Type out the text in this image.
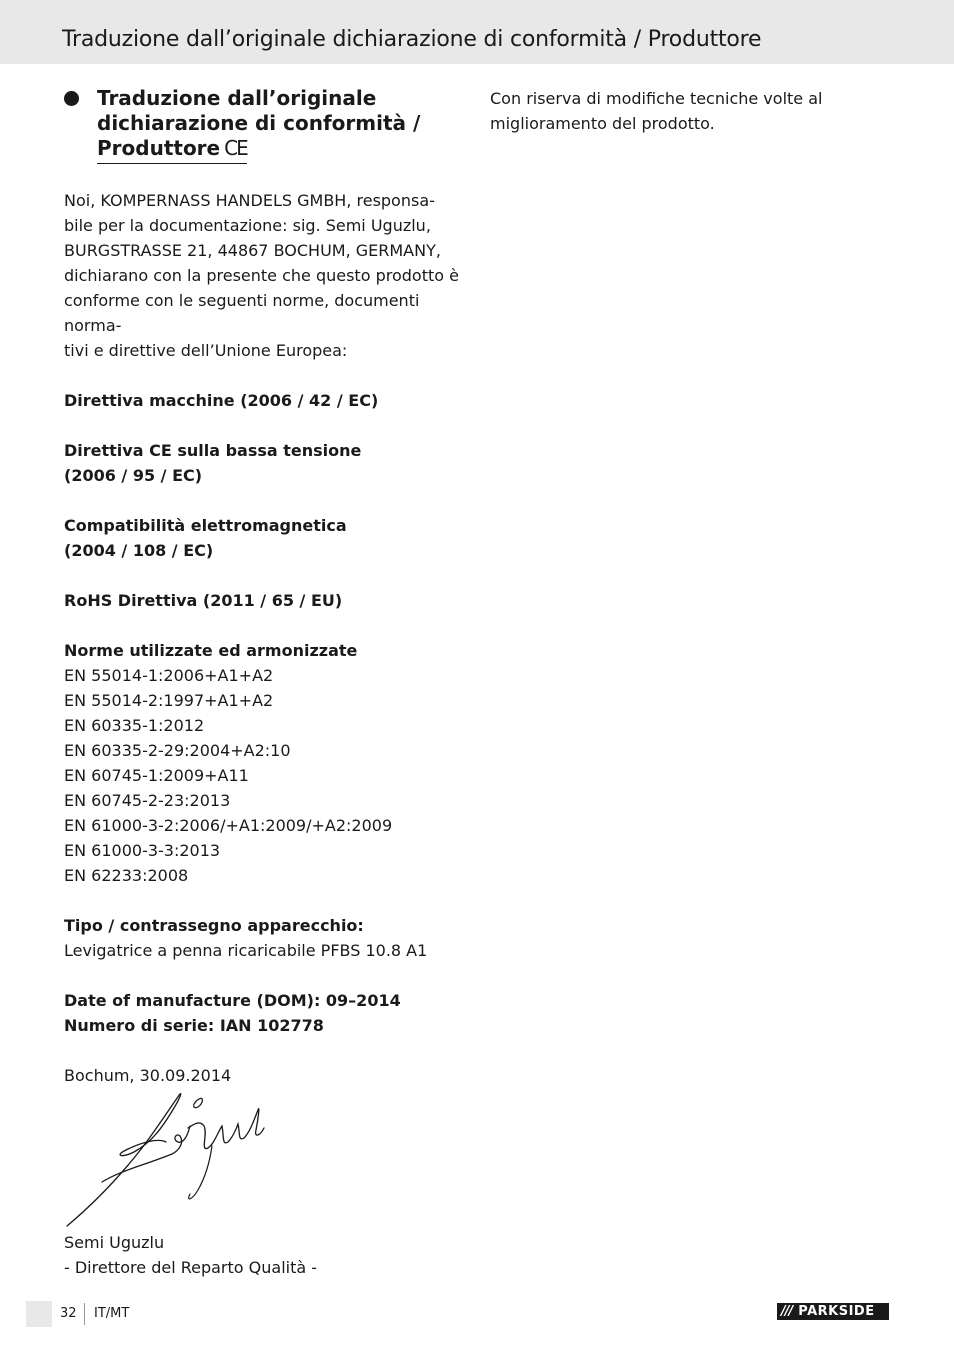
Traduzione dall’originale dichiarazione di conformità / Produttore
Traduzione dall’originale
dichiarazione di conformità /
Produttore CE

Noi, KOMPERNASS HANDELS GMBH, responsa-

bile per la documentazione: sig. Semi Uguzlu,

BURGSTRASSE 21, 44867 BOCHUM, GERMANY,

dichiarano con la presente che questo prodotto è

conforme con le seguenti norme, documenti norma-

tivi e direttive dell’Unione Europea:

Direttiva macchine (2006 / 42 / EC)

Direttiva CE sulla bassa tensione

(2006 / 95 / EC)

Compatibilità elettromagnetica

(2004 / 108 / EC)

RoHS Direttiva (2011 / 65 / EU)

Norme utilizzate ed armonizzate

EN 55014-1:2006+A1+A2

EN 55014-2:1997+A1+A2

EN 60335-1:2012

EN 60335-2-29:2004+A2:10

EN 60745-1:2009+A11

EN 60745-2-23:2013

EN 61000-3-2:2006/+A1:2009/+A2:2009

EN 61000-3-3:2013

EN 62233:2008

Tipo / contrassegno apparecchio:

Levigatrice a penna ricaricabile PFBS 10.8 A1

Date of manufacture (DOM): 09–2014

Numero di serie: IAN 102778

Bochum, 30.09.2014

Semi Uguzlu

- Direttore del Reparto Qualità -

Con riserva di modifiche tecniche volte al

miglioramento del prodotto.

32 IT/MT	/// PARKSIDE
